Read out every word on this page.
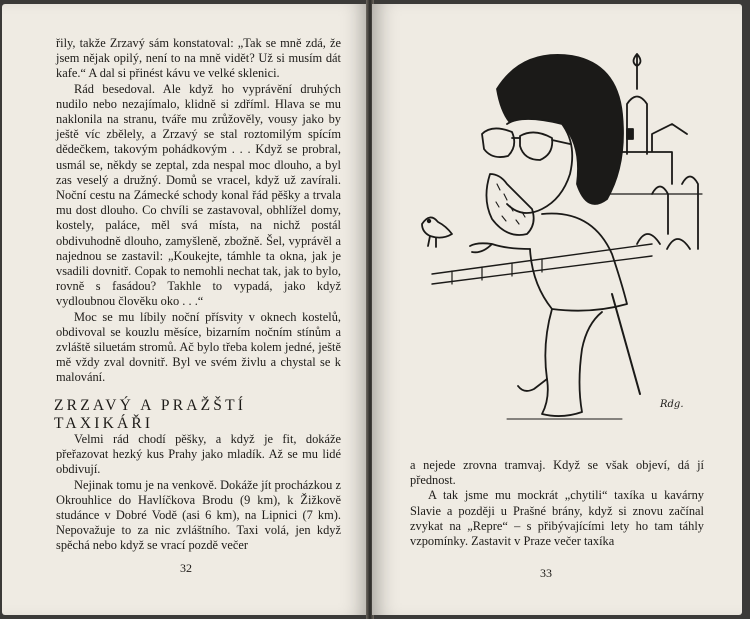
řily, takže Zrzavý sám konstatoval: „Tak se mně zdá, že jsem nějak opilý, není to na mně vidět? Už si musím dát kafe.“ A dal si přinést kávu ve velké sklenici.

Rád besedoval. Ale když ho vyprávění druhých nudilo nebo nezajímalo, klidně si zdříml. Hlava se mu naklonila na stranu, tváře mu zrůžověly, vousy jako by ještě víc zbělely, a Zrzavý se stal roztomilým spícím dědečkem, takovým pohádkovým . . . Když se probral, usmál se, někdy se zeptal, zda nespal moc dlouho, a byl zas veselý a družný. Domů se vracel, když už zavírali. Noční cestu na Zámecké schody konal řád pěšky a trvala mu dost dlouho. Co chvíli se zastavoval, obhlížel domy, kostely, paláce, měl svá místa, na nichž postál obdivuhodně dlouho, zamyšleně, zbožně. Šel, vyprávěl a najednou se zastavil: „Koukejte, támhle ta okna, jak je vsadili dovnitř. Copak to nemohli nechat tak, jak to bylo, rovně s fasádou? Takhle to vypadá, jako když vydloubnou člověku oko . . .“

Moc se mu líbily noční přísvity v oknech kostelů, obdivoval se kouzlu měsíce, bizarním nočním stínům a zvláště siluetám stromů. Ač bylo třeba kolem jedné, ještě mě vždy zval dovnitř. Byl ve svém živlu a chystal se k malování.

ZRZAVÝ A PRAŽŠTÍ TAXIKÁŘI

Velmi rád chodí pěšky, a když je fit, dokáže přeřazovat hezký kus Prahy jako mladík. Až se mu lidé obdivují.

Nejinak tomu je na venkově. Dokáže jít procházkou z Okrouhlice do Havlíčkova Brodu (9 km), k Žižkově studánce v Dobré Vodě (asi 6 km), na Lipnici (7 km). Nepovažuje to za nic zvláštního. Taxi volá, jen když spěchá nebo když se vrací pozdě večer

32
Rdg.

a nejede zrovna tramvaj. Když se však objeví, dá jí přednost.

A tak jsme mu mockrát „chytili“ taxíka u kavárny Slavie a později u Prašné brány, když si znovu začínal zvykat na „Repre“ – s přibývajícími lety ho tam táhly vzpomínky. Zastavit v Praze večer taxíka

33
